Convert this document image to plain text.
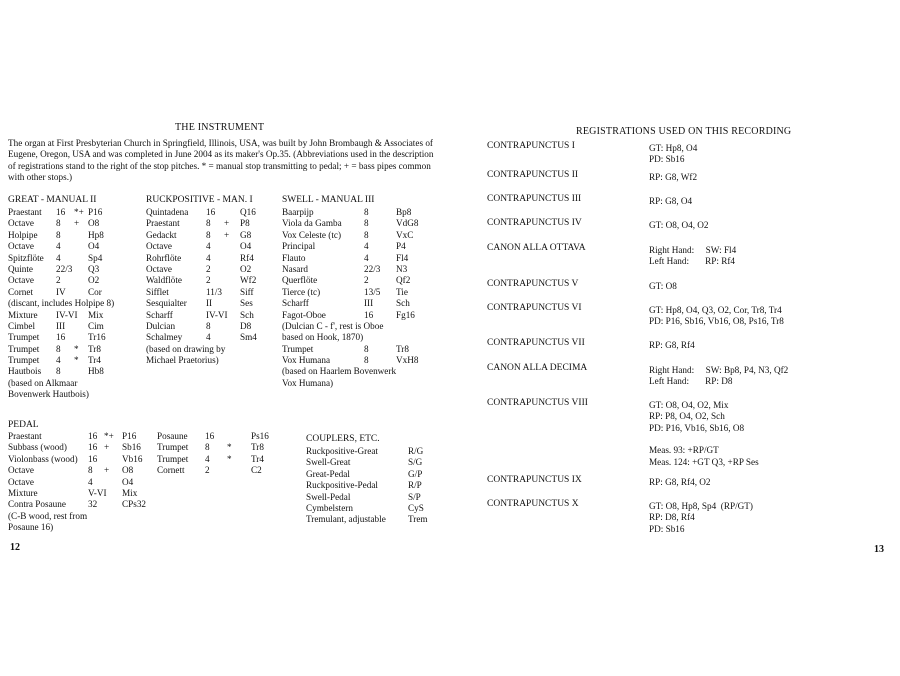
THE INSTRUMENT
The organ at First Presbyterian Church in Springfield, Illinois, USA, was built by John Brombaugh & Associates of Eugene, Oregon, USA and was completed in June 2004 as its maker's Op.35. (Abbreviations used in the description of registrations stand to the right of the stop pitches. * = manual stop transmitting to pedal; + = bass pipes common with other stops.)
GREAT - MANUAL II
Praestant 16 *+ P16
Octave 8 + O8
Holpipe 8	Hp8
Octave 4	O4
Spitzflöte 4	Sp4
Quinte 22/3 Q3
Octave 2	O2
Cornet IV Cor
(discant, includes Holpipe 8)
Mixture IV-VI Mix
Cimbel III Cim
Trumpet 16 Tr16
Trumpet 8 * Tr8
Trumpet 4 * Tr4
Hautbois 8	Hb8
(based on Alkmaar
Bovenwerk Hautbois)
RUCKPOSITIVE - MAN. I
Quintadena 16	Q16
Praestant	8 + P8
Gedackt	8 + G8
Octave	4	O4
Rohrflöte	4	Rf4
Octave	2	O2
Waldflöte	2	Wf2
Sifflet	11/3 Siff
Sesquialter II	Ses
Scharff	IV-VI Sch
Dulcian	8	D8
Schalmey	4	Sm4
(based on drawing by
Michael Praetorius)
SWELL - MANUAL III
Baarpijp	8	Bp8
Viola da Gamba 8	VdG8
Vox Celeste (tc) 8	VxC
Principal	4	P4
Flauto	4	Fl4
Nasard	22/3 N3
Querflöte	2	Qf2
Tierce (tc)	13/5 Tie
Scharff	III Sch
Fagot-Oboe	16 Fg16
(Dulcian C - f', rest is Oboe
based on Hook, 1870)
Trumpet	8	Tr8
Vox Humana	8	VxH8
(based on Haarlem Bovenwerk
Vox Humana)
PEDAL
Praestant	16 *+ P16
Subbass (wood) 16 + Sb16
Violonbass (wood) 16	Vb16
Octave	8 + O8
Octave	4	O4
Mixture	V-VI Mix
Contra Posaune 32	CPs32
(C-B wood, rest from
Posaune 16)
Posaune 16	Ps16
Trumpet 8 * Tr8
Trumpet 4 * Tr4
Cornett 2	C2
COUPLERS, ETC.
Ruckpositive-Great	R/G
Swell-Great	S/G
Great-Pedal	G/P
Ruckpositive-Pedal	R/P
Swell-Pedal	S/P
Cymbelstern	CyS
Tremulant, adjustable Trem
12
REGISTRATIONS USED ON THIS RECORDING
CONTRAPUNCTUS I	GT: Hp8, O4
PD: Sb16
CONTRAPUNCTUS II	RP: G8, Wf2
CONTRAPUNCTUS III	RP: G8, O4
CONTRAPUNCTUS IV	GT: O8, O4, O2
CANON ALLA OTTAVA	Right Hand:     SW: Fl4
Left Hand:       RP: Rf4
CONTRAPUNCTUS V	GT: O8
CONTRAPUNCTUS VI	GT: Hp8, O4, Q3, O2, Cor, Tr8, Tr4
PD: P16, Sb16, Vb16, O8, Ps16, Tr8
CONTRAPUNCTUS VII	RP: G8, Rf4
CANON ALLA DECIMA	Right Hand:     SW: Bp8, P4, N3, Qf2
Left Hand:       RP: D8
CONTRAPUNCTUS VIII	GT: O8, O4, O2, Mix
RP: P8, O4, O2, Sch
PD: P16, Vb16, Sb16, O8
Meas. 93: +RP/GT
Meas. 124: +GT Q3, +RP Ses
CONTRAPUNCTUS IX	RP: G8, Rf4, O2
CONTRAPUNCTUS X	GT: O8, Hp8, Sp4  (RP/GT)
RP: D8, Rf4
PD: Sb16
13
